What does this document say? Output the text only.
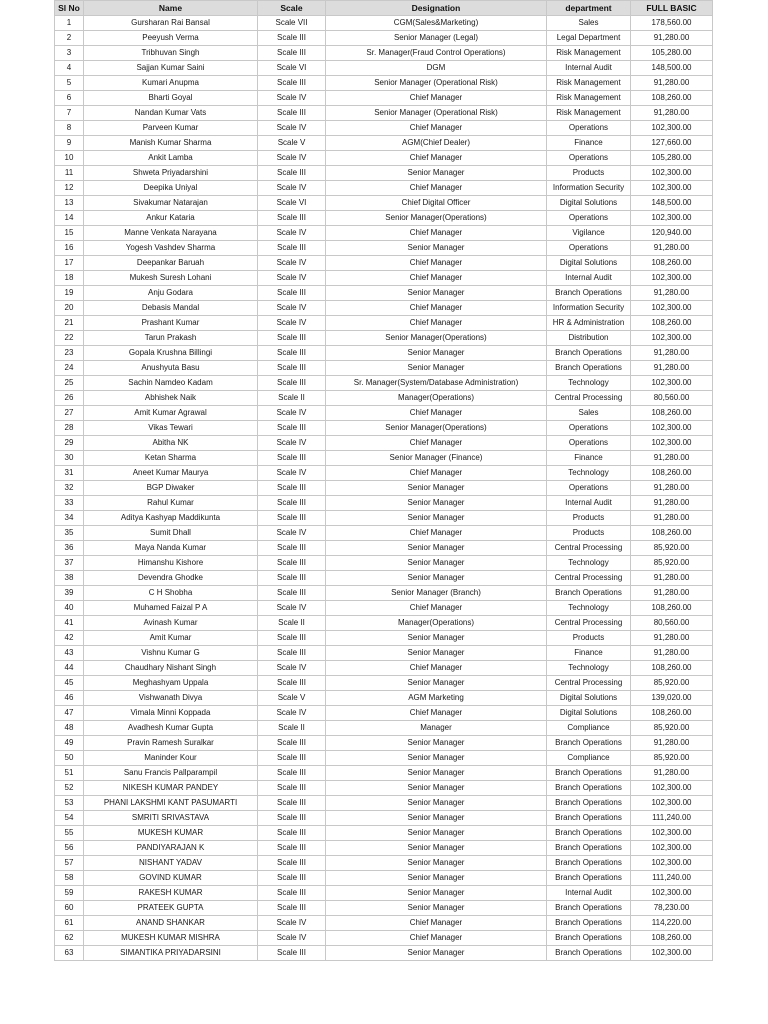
Sl No	Name	Scale	Designation	department	FULL BASIC
1	Gursharan Rai Bansal	Scale VII	CGM(Sales&Marketing)	Sales	178,560.00
2	Peeyush Verma	Scale III	Senior Manager (Legal)	Legal Department	91,280.00
3	Tribhuvan Singh	Scale III	Sr. Manager(Fraud Control Operations)	Risk Management	105,280.00
4	Sajjan Kumar Saini	Scale VI	DGM	Internal Audit	148,500.00
5	Kumari Anupma	Scale III	Senior Manager (Operational Risk)	Risk Management	91,280.00
6	Bharti Goyal	Scale IV	Chief Manager	Risk Management	108,260.00
7	Nandan Kumar Vats	Scale III	Senior Manager (Operational Risk)	Risk Management	91,280.00
8	Parveen Kumar	Scale IV	Chief Manager	Operations	102,300.00
9	Manish Kumar Sharma	Scale V	AGM(Chief Dealer)	Finance	127,660.00
10	Ankit Lamba	Scale IV	Chief Manager	Operations	105,280.00
11	Shweta Priyadarshini	Scale III	Senior Manager	Products	102,300.00
12	Deepika Uniyal	Scale IV	Chief Manager	Information Security	102,300.00
13	Sivakumar Natarajan	Scale VI	Chief Digital Officer	Digital Solutions	148,500.00
14	Ankur Kataria	Scale III	Senior Manager(Operations)	Operations	102,300.00
15	Manne Venkata Narayana	Scale IV	Chief Manager	Vigilance	120,940.00
16	Yogesh Vashdev Sharma	Scale III	Senior Manager	Operations	91,280.00
17	Deepankar Baruah	Scale IV	Chief Manager	Digital Solutions	108,260.00
18	Mukesh Suresh Lohani	Scale IV	Chief Manager	Internal Audit	102,300.00
19	Anju Godara	Scale III	Senior Manager	Branch Operations	91,280.00
20	Debasis Mandal	Scale IV	Chief Manager	Information Security	102,300.00
21	Prashant Kumar	Scale IV	Chief Manager	HR & Administration	108,260.00
22	Tarun Prakash	Scale III	Senior Manager(Operations)	Distribution	102,300.00
23	Gopala Krushna Billingi	Scale III	Senior Manager	Branch Operations	91,280.00
24	Anushyuta Basu	Scale III	Senior Manager	Branch Operations	91,280.00
25	Sachin Namdeo Kadam	Scale III	Sr. Manager(System/Database Administration)	Technology	102,300.00
26	Abhishek Naik	Scale II	Manager(Operations)	Central Processing	80,560.00
27	Amit Kumar Agrawal	Scale IV	Chief Manager	Sales	108,260.00
28	Vikas Tewari	Scale III	Senior Manager(Operations)	Operations	102,300.00
29	Abitha NK	Scale IV	Chief Manager	Operations	102,300.00
30	Ketan Sharma	Scale III	Senior Manager (Finance)	Finance	91,280.00
31	Aneet Kumar Maurya	Scale IV	Chief Manager	Technology	108,260.00
32	BGP Diwaker	Scale III	Senior Manager	Operations	91,280.00
33	Rahul Kumar	Scale III	Senior Manager	Internal Audit	91,280.00
34	Aditya Kashyap Maddikunta	Scale III	Senior Manager	Products	91,280.00
35	Sumit Dhall	Scale IV	Chief Manager	Products	108,260.00
36	Maya Nanda Kumar	Scale III	Senior Manager	Central Processing	85,920.00
37	Himanshu Kishore	Scale III	Senior Manager	Technology	85,920.00
38	Devendra Ghodke	Scale III	Senior Manager	Central Processing	91,280.00
39	C H Shobha	Scale III	Senior Manager (Branch)	Branch Operations	91,280.00
40	Muhamed Faizal P A	Scale IV	Chief Manager	Technology	108,260.00
41	Avinash Kumar	Scale II	Manager(Operations)	Central Processing	80,560.00
42	Amit Kumar	Scale III	Senior Manager	Products	91,280.00
43	Vishnu Kumar G	Scale III	Senior Manager	Finance	91,280.00
44	Chaudhary Nishant Singh	Scale IV	Chief Manager	Technology	108,260.00
45	Meghashyam Uppala	Scale III	Senior Manager	Central Processing	85,920.00
46	Vishwanath Divya	Scale V	AGM Marketing	Digital Solutions	139,020.00
47	Vimala Minni Koppada	Scale IV	Chief Manager	Digital Solutions	108,260.00
48	Avadhesh Kumar Gupta	Scale II	Manager	Compliance	85,920.00
49	Pravin Ramesh Suralkar	Scale III	Senior Manager	Branch Operations	91,280.00
50	Maninder Kour	Scale III	Senior Manager	Compliance	85,920.00
51	Sanu Francis Pallparampil	Scale III	Senior Manager	Branch Operations	91,280.00
52	NIKESH KUMAR PANDEY	Scale III	Senior Manager	Branch Operations	102,300.00
53	PHANI LAKSHMI KANT PASUMARTI	Scale III	Senior Manager	Branch Operations	102,300.00
54	SMRITI SRIVASTAVA	Scale III	Senior Manager	Branch Operations	111,240.00
55	MUKESH KUMAR	Scale III	Senior Manager	Branch Operations	102,300.00
56	PANDIYARAJAN K	Scale III	Senior Manager	Branch Operations	102,300.00
57	NISHANT YADAV	Scale III	Senior Manager	Branch Operations	102,300.00
58	GOVIND KUMAR	Scale III	Senior Manager	Branch Operations	111,240.00
59	RAKESH KUMAR	Scale III	Senior Manager	Internal Audit	102,300.00
60	PRATEEK GUPTA	Scale III	Senior Manager	Branch Operations	78,230.00
61	ANAND SHANKAR	Scale IV	Chief Manager	Branch Operations	114,220.00
62	MUKESH KUMAR MISHRA	Scale IV	Chief Manager	Branch Operations	108,260.00
63	SIMANTIKA PRIYADARSINI	Scale III	Senior Manager	Branch Operations	102,300.00
